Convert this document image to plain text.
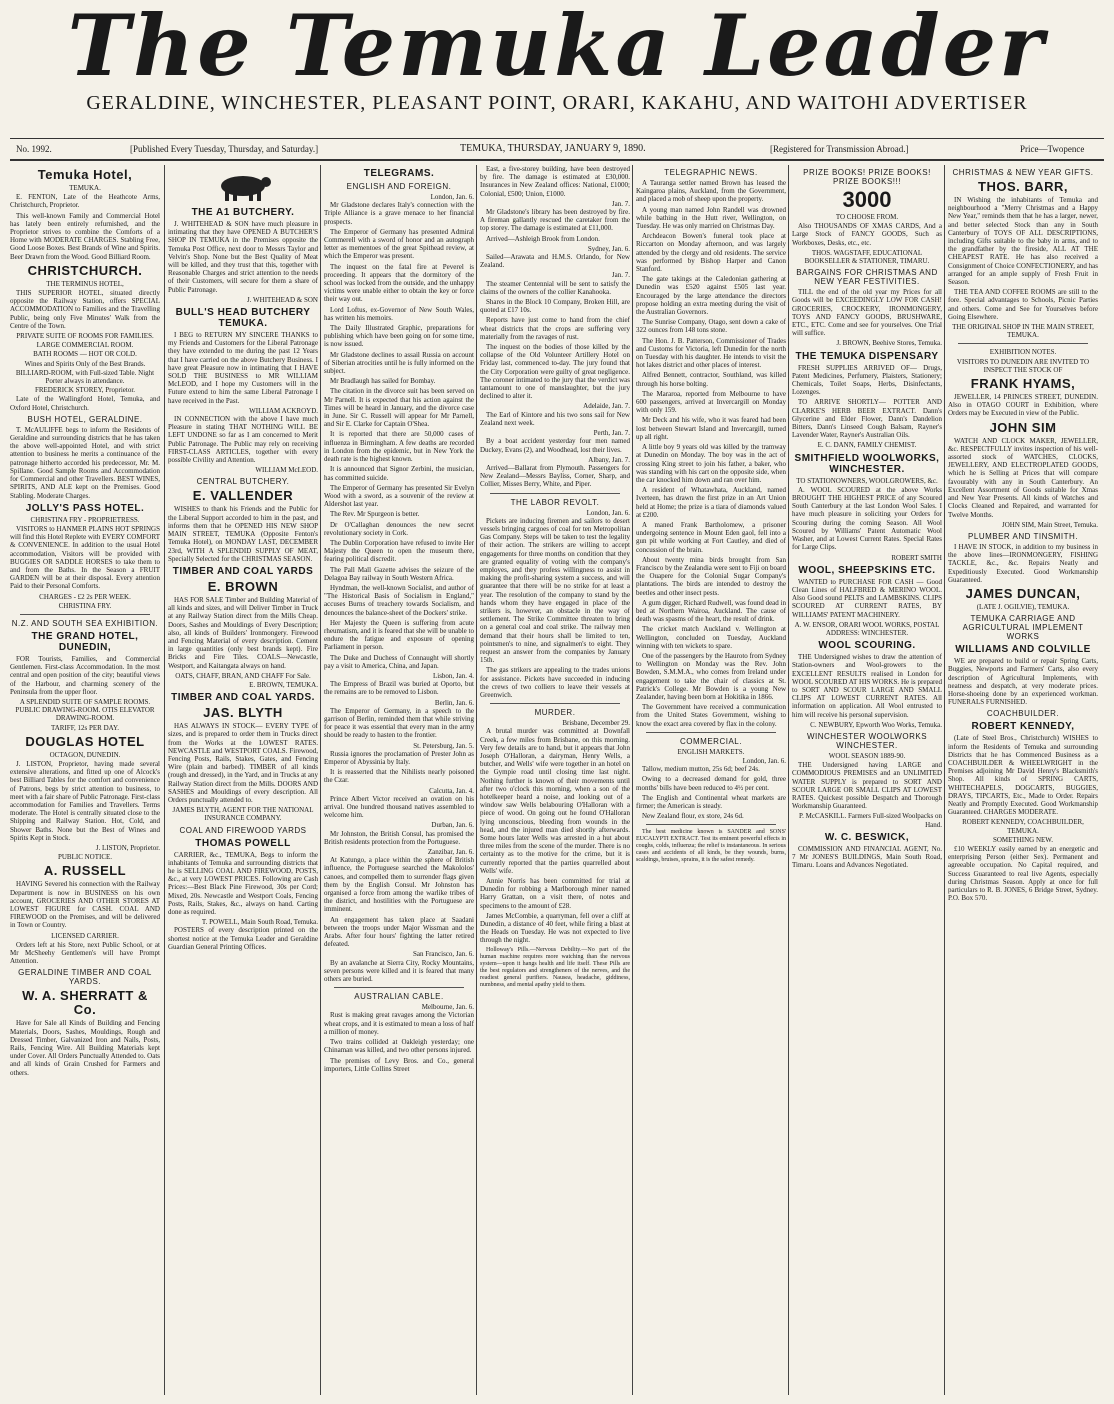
The Temuka Leader
GERALDINE, WINCHESTER, PLEASANT POINT, ORARI, KAKAHU, AND WAITOHI ADVERTISER
No. 1992.	[Published Every Tuesday, Thursday, and Saturday.]	TEMUKA, THURSDAY, JANUARY 9, 1890.	[Registered for Transmission Abroad.]	Price—Twopence
Temuka Hotel,
TEMUKA.

E. FENTON, Late of the Heathcote Arms, Christchurch, Proprietor.

This well-known Family and Commercial Hotel has lately been entirely refurnished, and the Proprietor strives to combine the Comforts of a Home with MODERATE CHARGES. Stabling Free, Good Loose Boxes. Best Brands of Wine and Spirits. Beer Drawn from the Wood. Good Billiard Room.

CHRISTCHURCH.
THE TERMINUS HOTEL,

THIS SUPERIOR HOTEL, situated directly opposite the Railway Station, offers SPECIAL ACCOMMODATION to Families and the Travelling Public, being only Five Minutes' Walk from the Centre of the Town.

PRIVATE SUITE OF ROOMS FOR FAMILIES.
LARGE COMMERCIAL ROOM.
BATH ROOMS — HOT OR COLD.
Wines and Spirits Only of the Best Brands.
BILLIARD-ROOM, with Full-sized Table. Night Porter always in attendance.
FREDERICK STOREY, Proprietor.

Late of the Wallingford Hotel, Temuka, and Oxford Hotel, Christchurch.

BUSH HOTEL, GERALDINE.

T. McAULIFFE begs to inform the Residents of Geraldine and surrounding districts that he has taken the above well-appointed Hotel, and with strict attention to business he merits a continuance of the patronage hitherto accorded his predecessor, Mr. M. Spillane. Good Sample Rooms and Accommodation for Commercial and other Travellers. BEST WINES, SPIRITS, AND ALE kept on the Premises. Good Stabling. Moderate Charges.

JOLLY'S PASS HOTEL.
CHRISTINA FRY - PROPRIETRESS.

VISITORS to HANMER PLAINS HOT SPRINGS will find this Hotel Replete with EVERY COMFORT & CONVENIENCE. In addition to the usual Hotel accommodation, Visitors will be provided with BUGGIES OR SADDLE HORSES to take them to and from the Baths. In the Season a FRUIT GARDEN will be at their disposal. Every attention Paid to their Personal Comforts.

CHARGES - £2 2s PER WEEK.
CHRISTINA FRY.
N.Z. AND SOUTH SEA EXHIBITION.
THE GRAND HOTEL, DUNEDIN,

FOR Tourists, Families, and Commercial Gentlemen. First-class Accommodation. In the most central and open position of the city; beautiful views of the Harbour, and charming scenery of the Peninsula from the upper floor.

A SPLENDID SUITE OF SAMPLE ROOMS. PUBLIC DRAWING-ROOM. OTIS ELEVATOR DRAWING-ROOM.
TARIFF, 12s PER DAY.
DOUGLAS HOTEL
OCTAGON, DUNEDIN.

J. LISTON, Proprietor, having made several extensive alterations, and fitted up one of Alcock's best Billiard Tables for the comfort and convenience of Patrons, begs by strict attention to business, to meet with a fair share of Public Patronage. First-class accommodation for Families and Travellers. Terms moderate. The Hotel is centrally situated close to the Shipping and Railway Station. Hot, Cold, and Shower Baths. None but the Best of Wines and Spirits Kept in Stock.

J. LISTON, Proprietor.
PUBLIC NOTICE.
A. RUSSELL

HAVING Severed his connection with the Railway Department is now in BUSINESS on his own account, GROCERIES AND OTHER STORES AT LOWEST FIGURE for CASH. COAL AND FIREWOOD on the Premises, and will be delivered in Town or Country.

LICENSED CARRIER.

Orders left at his Store, next Public School, or at Mr McSheehy Gentlemen's will have Prompt Attention.

GERALDINE TIMBER AND COAL YARDS.
W. A. SHERRATT & Co.

Have for Sale all Kinds of Building and Fencing Materials, Doors, Sashes, Mouldings, Rough and Dressed Timber, Galvanized Iron and Nails, Posts, Rails, Fencing Wire. All Building Materials kept under Cover. All Orders Punctually Attended to. Oats and all kinds of Grain Crushed for Farmers and others.

THE A1 BUTCHERY.

J. WHITEHEAD & SON have much pleasure in intimating that they have OPENED A BUTCHER'S SHOP IN TEMUKA in the Premises opposite the Temuka Post Office, next door to Messrs Taylor and Velvin's Shop. None but the Best Quality of Meat will be killed, and they trust that this, together with Reasonable Charges and strict attention to the needs of their Customers, will secure for them a share of Public Patronage.

J. WHITEHEAD & SON
BULL'S HEAD BUTCHERY TEMUKA.

I BEG to RETURN MY SINCERE THANKS to my Friends and Customers for the Liberal Patronage they have extended to me during the past 12 Years that I have carried on the above Butchery Business. I have great Pleasure now in intimating that I HAVE SOLD THE BUSINESS to MR WILLIAM McLEOD, and I hope my Customers will in the Future extend to him the same Liberal Patronage I have received in the Past.

WILLIAM ACKROYD.

IN CONNECTION with the above I have much Pleasure in stating THAT NOTHING WILL BE LEFT UNDONE so far as I am concerned to Merit Public Patronage. The Public may rely on receiving FIRST-CLASS ARTICLES, together with every possible Civility and Attention.

WILLIAM McLEOD.
CENTRAL BUTCHERY.
E. VALLENDER

WISHES to thank his Friends and the Public for the Liberal Support accorded to him in the past, and informs them that he OPENED HIS NEW SHOP MAIN STREET, TEMUKA (Opposite Fenton's Temuka Hotel), on MONDAY LAST, DECEMBER 23rd, WITH A SPLENDID SUPPLY OF MEAT, Specially Selected for the CHRISTMAS SEASON.

TIMBER AND COAL YARDS
E. BROWN

HAS FOR SALE Timber and Building Material of all kinds and sizes, and will Deliver Timber in Truck at any Railway Station direct from the Mills Cheap. Doors, Sashes and Mouldings of Every Description; also, all kinds of Builders' Ironmongery. Firewood and Fencing Material of every description. Cement in large quantities (only best brands kept). Fire Bricks and Fire Tiles. COALS—Newcastle, Westport, and Kaitangata always on hand.

OATS, CHAFF, BRAN, AND CHAFF For Sale.
E. BROWN, TEMUKA.
TIMBER AND COAL YARDS.
JAS. BLYTH

HAS ALWAYS IN STOCK— EVERY TYPE of sizes, and is prepared to order them in Trucks direct from the Works at the LOWEST RATES. NEWCASTLE and WESTPORT COALS. Firewood, Fencing Posts, Rails, Stakes, Gates, and Fencing Wire (plain and barbed). TIMBER of all kinds (rough and dressed), in the Yard, and in Trucks at any Railway Station direct from the Mills. DOORS AND SASHES and Mouldings of every description. All Orders punctually attended to.

JAMES BLYTH, AGENT FOR THE NATIONAL INSURANCE COMPANY.
COAL AND FIREWOOD YARDS
THOMAS POWELL

CARRIER, &c., TEMUKA, Begs to inform the inhabitants of Temuka and surrounding districts that he is SELLING COAL AND FIREWOOD, POSTS, &c., at very LOWEST PRICES. Following are Cash Prices:—Best Black Pine Firewood, 30s per Cord; Mixed, 20s. Newcastle and Westport Coals, Fencing Posts, Rails, Stakes, &c., always on hand. Carting done as required.

T. POWELL, Main South Road, Temuka.

POSTERS of every description printed on the shortest notice at the Temuka Leader and Geraldine Guardian General Printing Offices.

TELEGRAMS.
ENGLISH AND FOREIGN.
London, Jan. 6.

Mr Gladstone declares Italy's connection with the Triple Alliance is a grave menace to her financial prospects.

The Emperor of Germany has presented Admiral Commerell with a sword of honor and an autograph letter as mementoes of the great Spithead review, at which the Emperor was present.

The inquest on the fatal fire at Peverel is proceeding. It appears that the dormitory of the school was locked from the outside, and the unhappy victims were unable either to obtain the key or force their way out.

Lord Loftus, ex-Governor of New South Wales, has written his memoirs.

The Daily Illustrated Graphic, preparations for publishing which have been going on for some time, is now issued.

Mr Gladstone declines to assail Russia on account of Siberian atrocities until he is fully informed on the subject.

Mr Bradlaugh has sailed for Bombay.

The citation in the divorce suit has been served on Mr Parnell. It is expected that his action against the Times will be heard in January, and the divorce case in June. Sir C. Russell will appear for Mr Parnell, and Sir E. Clarke for Captain O'Shea.

It is reported that there are 50,000 cases of influenza in Birmingham. A few deaths are recorded in London from the epidemic, but in New York the death rate is the highest known.

It is announced that Signor Zerbini, the musician, has committed suicide.

The Emperor of Germany has presented Sir Evelyn Wood with a sword, as a souvenir of the review at Aldershot last year.

The Rev. Mr Spurgeon is better.

Dr O'Callaghan denounces the new secret revolutionary society in Cork.

The Dublin Corporation have refused to invite Her Majesty the Queen to open the museum there, fearing political discredit.

The Pall Mall Gazette advises the seizure of the Delagoa Bay railway in South Western Africa.

Hyndman, the well-known Socialist, and author of "The Historical Basis of Socialism in England," accuses Burns of treachery towards Socialism, and denounces the balance-sheet of the Dockers' strike.

Her Majesty the Queen is suffering from acute rheumatism, and it is feared that she will be unable to endure the fatigue and exposure of opening Parliament in person.

The Duke and Duchess of Connaught will shortly pay a visit to America, China, and Japan.

Lisbon, Jan. 4.

The Empress of Brazil was buried at Oporto, but the remains are to be removed to Lisbon.

Berlin, Jan. 6.

The Emperor of Germany, in a speech to the garrison of Berlin, reminded them that while striving for peace it was essential that every man in the army should be ready to hasten to the frontier.

St. Petersburg, Jan. 5.

Russia ignores the proclamation of Prester John as Emperor of Abyssinia by Italy.

It is reasserted that the Nihilists nearly poisoned the Czar.

Calcutta, Jan. 4.

Prince Albert Victor received an ovation on his arrival. One hundred thousand natives assembled to welcome him.

Durban, Jan. 6.

Mr Johnston, the British Consul, has promised the British residents protection from the Portuguese.

Zanzibar, Jan. 6.

At Katungo, a place within the sphere of British influence, the Portuguese searched the Makololos' canoes, and compelled them to surrender flags given them by the English Consul. Mr Johnston has organised a force from among the warlike tribes of the district, and hostilities with the Portuguese are imminent.

An engagement has taken place at Saadani between the troops under Major Wissman and the Arabs. After four hours' fighting the latter retired defeated.

San Francisco, Jan. 6.

By an avalanche at Sierra City, Rocky Mountains, seven persons were killed and it is feared that many others are buried.

AUSTRALIAN CABLE.
Melbourne, Jan. 6.

Rust is making great ravages among the Victorian wheat crops, and it is estimated to mean a loss of half a million of money.

Two trains collided at Oakleigh yesterday; one Chinaman was killed, and two other persons injured.

The premises of Levy Bros. and Co., general importers, Little Collins Street

East, a five-storey building, have been destroyed by fire. The damage is estimated at £30,000. Insurances in New Zealand offices: National, £1000; Colonial, £500; Union, £1000.

Jan. 7.

Mr Gladstone's library has been destroyed by fire. A fireman gallantly rescued the caretaker from the top storey. The damage is estimated at £11,000.

Arrived—Ashleigh Brook from London.

Sydney, Jan. 6.

Sailed—Arawata and H.M.S. Orlando, for New Zealand.

Jan. 7.

The steamer Centennial will be sent to satisfy the claims of the owners of the collier Kanahooka.

Shares in the Block 10 Company, Broken Hill, are quoted at £17 10s.

Reports have just come to hand from the chief wheat districts that the crops are suffering very materially from the ravages of rust.

The inquest on the bodies of those killed by the collapse of the Old Volunteer Artillery Hotel on Friday last, commenced to-day. The jury found that the City Corporation were guilty of great negligence. The coroner intimated to the jury that the verdict was tantamount to one of manslaughter, but the jury declined to alter it.

Adelaide, Jan. 7.

The Earl of Kintore and his two sons sail for New Zealand next week.

Perth, Jan. 7.

By a boat accident yesterday four men named Duckey, Evans (2), and Woodhead, lost their lives.

Albany, Jan. 7.

Arrived—Ballarat from Plymouth. Passengers for New Zealand—Messrs Bayliss, Corner, Sharp, and Collier, Misses Berry, White, and Piper.

THE LABOR REVOLT.
London, Jan. 6.

Pickets are inducing firemen and sailors to desert vessels bringing cargoes of coal for ten Metropolitan Gas Company. Steps will be taken to test the legality of their action. The strikers are willing to accept engagements for three months on condition that they are granted equality of voting with the company's employes, and they profess willingness to assist in making the profit-sharing system a success, and will guarantee that there will be no strike for at least a year. The resolution of the company to stand by the hands whom they have engaged in place of the strikers is, however, an obstacle in the way of settlement. The Strike Committee threaten to bring on a general coal and coal strike. The railway men demand that their hours shall be limited to ten, pointsmen's to nine, and signalmen's to eight. They request an answer from the companies by January 15th.

The gas strikers are appealing to the trades unions for assistance. Pickets have succeeded in inducing the crews of two colliers to leave their vessels at Greenwich.

MURDER.
Brisbane, December 29.

A brutal murder was committed at Downfall Creek, a few miles from Brisbane, on this morning. Very few details are to hand, but it appears that John Joseph O'Halloran, a dairyman, Henry Wells, a butcher, and Wells' wife were together in an hotel on the Gympie road until closing time last night. Nothing further is known of their movements until after two o'clock this morning, when a son of the hotelkeeper heard a noise, and looking out of a window saw Wells belabouring O'Halloran with a piece of wood. On going out he found O'Halloran lying unconscious, bleeding from wounds in the head, and the injured man died shortly afterwards. Some hours later Wells was arrested in a hut about three miles from the scene of the murder. There is no certainty as to the motive for the crime, but it is currently reported that the parties quarrelled about Wells' wife.

Annie Norris has been committed for trial at Dunedin for robbing a Marlborough miner named Harry Grattan, on a visit there, of notes and specimens to the amount of £28.

James McCombie, a quarryman, fell over a cliff at Dunedin, a distance of 40 feet, while firing a blast at the Heads on Tuesday. He was not expected to live through the night.

Holloway's Pills.—Nervous Debility.—No part of the human machine requires more watching than the nervous system—upon it hangs health and life itself. These Pills are the best regulators and strengtheners of the nerves, and the readiest general purifiers. Nausea, headache, giddiness, numbness, and mental apathy yield to them.

TELEGRAPHIC NEWS.

A Tauranga settler named Brown has leased the Kaingaroa plains, Auckland, from the Government, and placed a mob of sheep upon the property.

A young man named John Randell was drowned while bathing in the Hutt river, Wellington, on Tuesday. He was only married on Christmas Day.

Archdeacon Bowen's funeral took place at Riccarton on Monday afternoon, and was largely attended by the clergy and old residents. The service was performed by Bishop Harper and Canon Stanford.

The gate takings at the Caledonian gathering at Dunedin was £520 against £505 last year. Encouraged by the large attendance the directors propose holding an extra meeting during the visit of the Australian Governors.

The Sunrise Company, Otago, sent down a cake of 322 ounces from 148 tons stone.

The Hon. J. B. Patterson, Commissioner of Trades and Customs for Victoria, left Dunedin for the north on Tuesday with his daughter. He intends to visit the hot lakes district and other places of interest.

Alfred Bennett, contractor, Southland, was killed through his horse bolting.

The Mararoa, reported from Melbourne to have 600 passengers, arrived at Invercargill on Monday with only 159.

Mr Deck and his wife, who it was feared had been lost between Stewart Island and Invercargill, turned up all right.

A little boy 9 years old was killed by the tramway at Dunedin on Monday. The boy was in the act of crossing King street to join his father, a baker, who was standing with his cart on the opposite side, when the car knocked him down and ran over him.

A resident of Whatawhata, Auckland, named Iverteen, has drawn the first prize in an Art Union held at Home; the prize is a tiara of diamonds valued at £200.

A maned Frank Bartholomew, a prisoner undergoing sentence in Mount Eden gaol, fell into a gun pit while working at Fort Cautley, and died of concussion of the brain.

About twenty mina birds brought from San Francisco by the Zealandia were sent to Fiji on board the Ouapere for the Colonial Sugar Company's plantations. The birds are intended to destroy the beetles and other insect pests.

A gum digger, Richard Rudwell, was found dead in bed at Northern Wairoa, Auckland. The cause of death was spasms of the heart, the result of drink.

The cricket match Auckland v. Wellington at Wellington, concluded on Tuesday, Auckland winning with ten wickets to spare.

One of the passengers by the Hauroto from Sydney to Wellington on Monday was the Rev. John Bowden, S.M.M.A., who comes from Ireland under engagement to take the chair of classics at St. Patrick's College. Mr Bowden is a young New Zealander, having been born at Hokitika in 1866.

The Government have received a communication from the United States Government, wishing to know the exact area covered by flax in the colony.

COMMERCIAL.
ENGLISH MARKETS.
London, Jan. 6.

Tallow, medium mutton, 25s 6d; beef 24s.

Owing to a decreased demand for gold, three months' bills have been reduced to 4½ per cent.

The English and Continental wheat markets are firmer; the American is steady.

New Zealand flour, ex store, 24s 6d.

The best medicine known is SANDER and SONS' EUCALYPTI EXTRACT. Test its eminent powerful effects in coughs, colds, influenza; the relief is instantaneous. In serious cases and accidents of all kinds, be they wounds, burns, scaldings, bruises, sprains, it is the safest remedy.

PRIZE BOOKS! PRIZE BOOKS! PRIZE BOOKS!!!
3000
TO CHOOSE FROM.

Also THOUSANDS OF XMAS CARDS, And a Large Stock of FANCY GOODS, Such as Workboxes, Desks, etc., etc.

THOS. WAGSTAFF, EDUCATIONAL BOOKSELLER & STATIONER, TIMARU.
BARGAINS FOR CHRISTMAS AND NEW YEAR FESTIVITIES.

TILL the end of the old year my Prices for all Goods will be EXCEEDINGLY LOW FOR CASH! GROCERIES, CROCKERY, IRONMONGERY, TOYS AND FANCY GOODS, BRUSHWARE, ETC., ETC. Come and see for yourselves. One Trial will suffice.

J. BROWN, Beehive Stores, Temuka.
THE TEMUKA DISPENSARY

FRESH SUPPLIES ARRIVED OF— Drugs, Patent Medicines, Perfumery, Plaisters, Stationery; Chemicals, Toilet Soaps, Herbs, Disinfectants, Lozenges.

TO ARRIVE SHORTLY— POTTER AND CLARKE'S HERB BEER EXTRACT. Dann's Glycerine and Elder Flower, Dann's Dandelion Bitters, Dann's Linseed Cough Balsam, Rayner's Lavender Water, Rayner's Australian Oils.

E. C. DANN, FAMILY CHEMIST.
SMITHFIELD WOOLWORKS, WINCHESTER.
TO STATIONOWNERS, WOOLGROWERS, &c.

A. WOOL SCOURED at the above Works BROUGHT THE HIGHEST PRICE of any Scoured South Canterbury at the last London Wool Sales. I have much pleasure in soliciting your Orders for Scouring during the coming Season. All Wool Scoured by Williams' Patent Automatic Wool Washer, and at Lowest Current Rates. Special Rates for Large Clips.

ROBERT SMITH
WOOL, SHEEPSKINS ETC.

WANTED to PURCHASE FOR CASH — Good Clean Lines of HALFBRED & MERINO WOOL. Also Good sound PELTS and LAMBSKINS. CLIPS SCOURED AT CURRENT RATES, BY WILLIAMS' PATENT MACHINERY.

A. W. ENSOR, ORARI WOOL WORKS, POSTAL ADDRESS: WINCHESTER.
WOOL SCOURING.

THE Undersigned wishes to draw the attention of Station-owners and Wool-growers to the EXCELLENT RESULTS realised in London for WOOL SCOURED AT HIS WORKS. He is prepared to SORT AND SCOUR LARGE AND SMALL CLIPS AT LOWEST CURRENT RATES. All information on application. All Wool entrusted to him will receive his personal supervision.

C. NEWBURY, Epworth Woo Works, Temuka.
WINCHESTER WOOLWORKS WINCHESTER.
WOOL SEASON 1889-90.

THE Undersigned having LARGE and COMMODIOUS PREMISES and an UNLIMITED WATER SUPPLY is prepared to SORT AND SCOUR LARGE OR SMALL CLIPS AT LOWEST RATES. Quickest possible Despatch and Thorough Workmanship Guaranteed.

P. McCASKILL. Farmers Full-sized Woolpacks on Hand.
W. C. BESWICK,

COMMISSION AND FINANCIAL AGENT, No. 7 Mr JONES'S BUILDINGS, Main South Road, Timaru. Loans and Advances Negotiated.

CHRISTMAS & NEW YEAR GIFTS.
THOS. BARR,

IN Wishing the inhabitants of Temuka and neighbourhood a "Merry Christmas and a Happy New Year," reminds them that he has a larger, newer, and better selected Stock than any in South Canterbury of TOYS OF ALL DESCRIPTIONS, including Gifts suitable to the baby in arms, and to the grandfather by the fireside, ALL AT THE CHEAPEST RATE. He has also received a Consignment of Choice CONFECTIONERY, and has arranged for an ample supply of Fresh Fruit in Season.

THE TEA AND COFFEE ROOMS are still to the fore. Special advantages to Schools, Picnic Parties and others. Come and See for Yourselves before Going Elsewhere.

THE ORIGINAL SHOP IN THE MAIN STREET, TEMUKA.
EXHIBITION NOTES.
VISITORS TO DUNEDIN ARE INVITED TO INSPECT THE STOCK OF
FRANK HYAMS,

JEWELLER, 14 PRINCES STREET, DUNEDIN. Also in OTAGO COURT in Exhibition, where Orders may be Executed in view of the Public.

JOHN SIM

WATCH AND CLOCK MAKER, JEWELLER, &c. RESPECTFULLY invites inspection of his well-assorted stock of WATCHES, CLOCKS, JEWELLERY, AND ELECTROPLATED GOODS, which he is Selling at Prices that will compare favourably with any in South Canterbury. An Excellent Assortment of Goods suitable for Xmas and New Year Presents. All kinds of Watches and Clocks Cleaned and Repaired, and warranted for Twelve Months.

JOHN SIM, Main Street, Temuka.
PLUMBER AND TINSMITH.

I HAVE IN STOCK, in addition to my business in the above lines—IRONMONGERY, FISHING TACKLE, &c., &c. Repairs Neatly and Expeditiously Executed. Good Workmanship Guaranteed.

JAMES DUNCAN,
(LATE J. OGILVIE), TEMUKA.
TEMUKA CARRIAGE AND AGRICULTURAL IMPLEMENT WORKS
WILLIAMS AND COLVILLE

WE are prepared to build or repair Spring Carts, Buggies, Newports and Farmers' Carts, also every description of Agricultural Implements, with neatness and despatch, at very moderate prices. Horse-shoeing done by an experienced workman. FUNERALS FURNISHED.

COACHBUILDER.
ROBERT KENNEDY,

(Late of Steel Bros., Christchurch) WISHES to inform the Residents of Temuka and surrounding Districts that he has Commenced Business as a COACHBUILDER & WHEELWRIGHT in the Premises adjoining Mr David Henry's Blacksmith's Shop. All kinds of SPRING CARTS, WHITECHAPELS, DOGCARTS, BUGGIES, DRAYS, TIPCARTS, Etc., Made to Order. Repairs Neatly and Promptly Executed. Good Workmanship Guaranteed. CHARGES MODERATE.

ROBERT KENNEDY, COACHBUILDER, TEMUKA.
SOMETHING NEW.

£10 WEEKLY easily earned by an energetic and enterprising Person (either Sex). Permanent and agreeable occupation. No Capital required, and Success Guaranteed to real live Agents, especially during Christmas Season. Apply at once for full particulars to R. B. JONES, 6 Bridge Street, Sydney. P.O. Box 570.
